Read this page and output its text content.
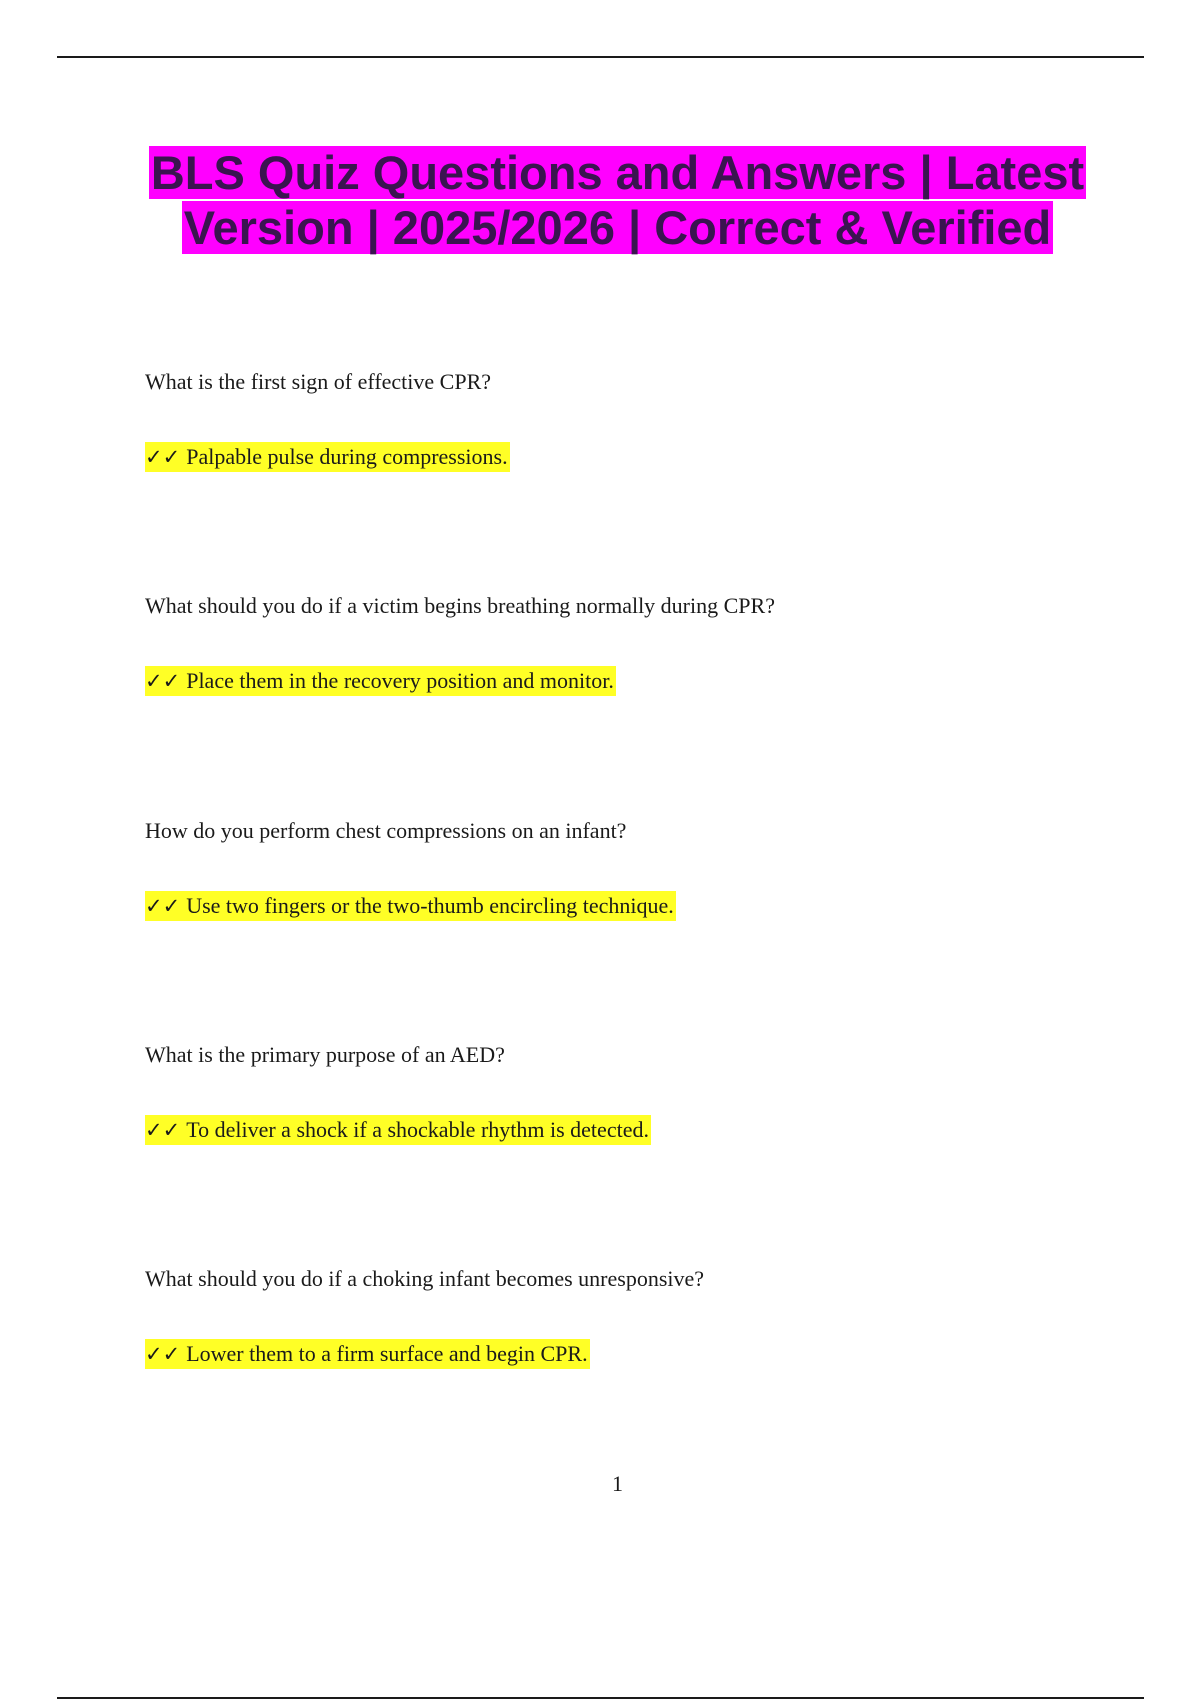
BLS Quiz Questions and Answers | Latest Version | 2025/2026 | Correct & Verified
What is the first sign of effective CPR?
✓✓ Palpable pulse during compressions.
What should you do if a victim begins breathing normally during CPR?
✓✓ Place them in the recovery position and monitor.
How do you perform chest compressions on an infant?
✓✓ Use two fingers or the two-thumb encircling technique.
What is the primary purpose of an AED?
✓✓ To deliver a shock if a shockable rhythm is detected.
What should you do if a choking infant becomes unresponsive?
✓✓ Lower them to a firm surface and begin CPR.
1
